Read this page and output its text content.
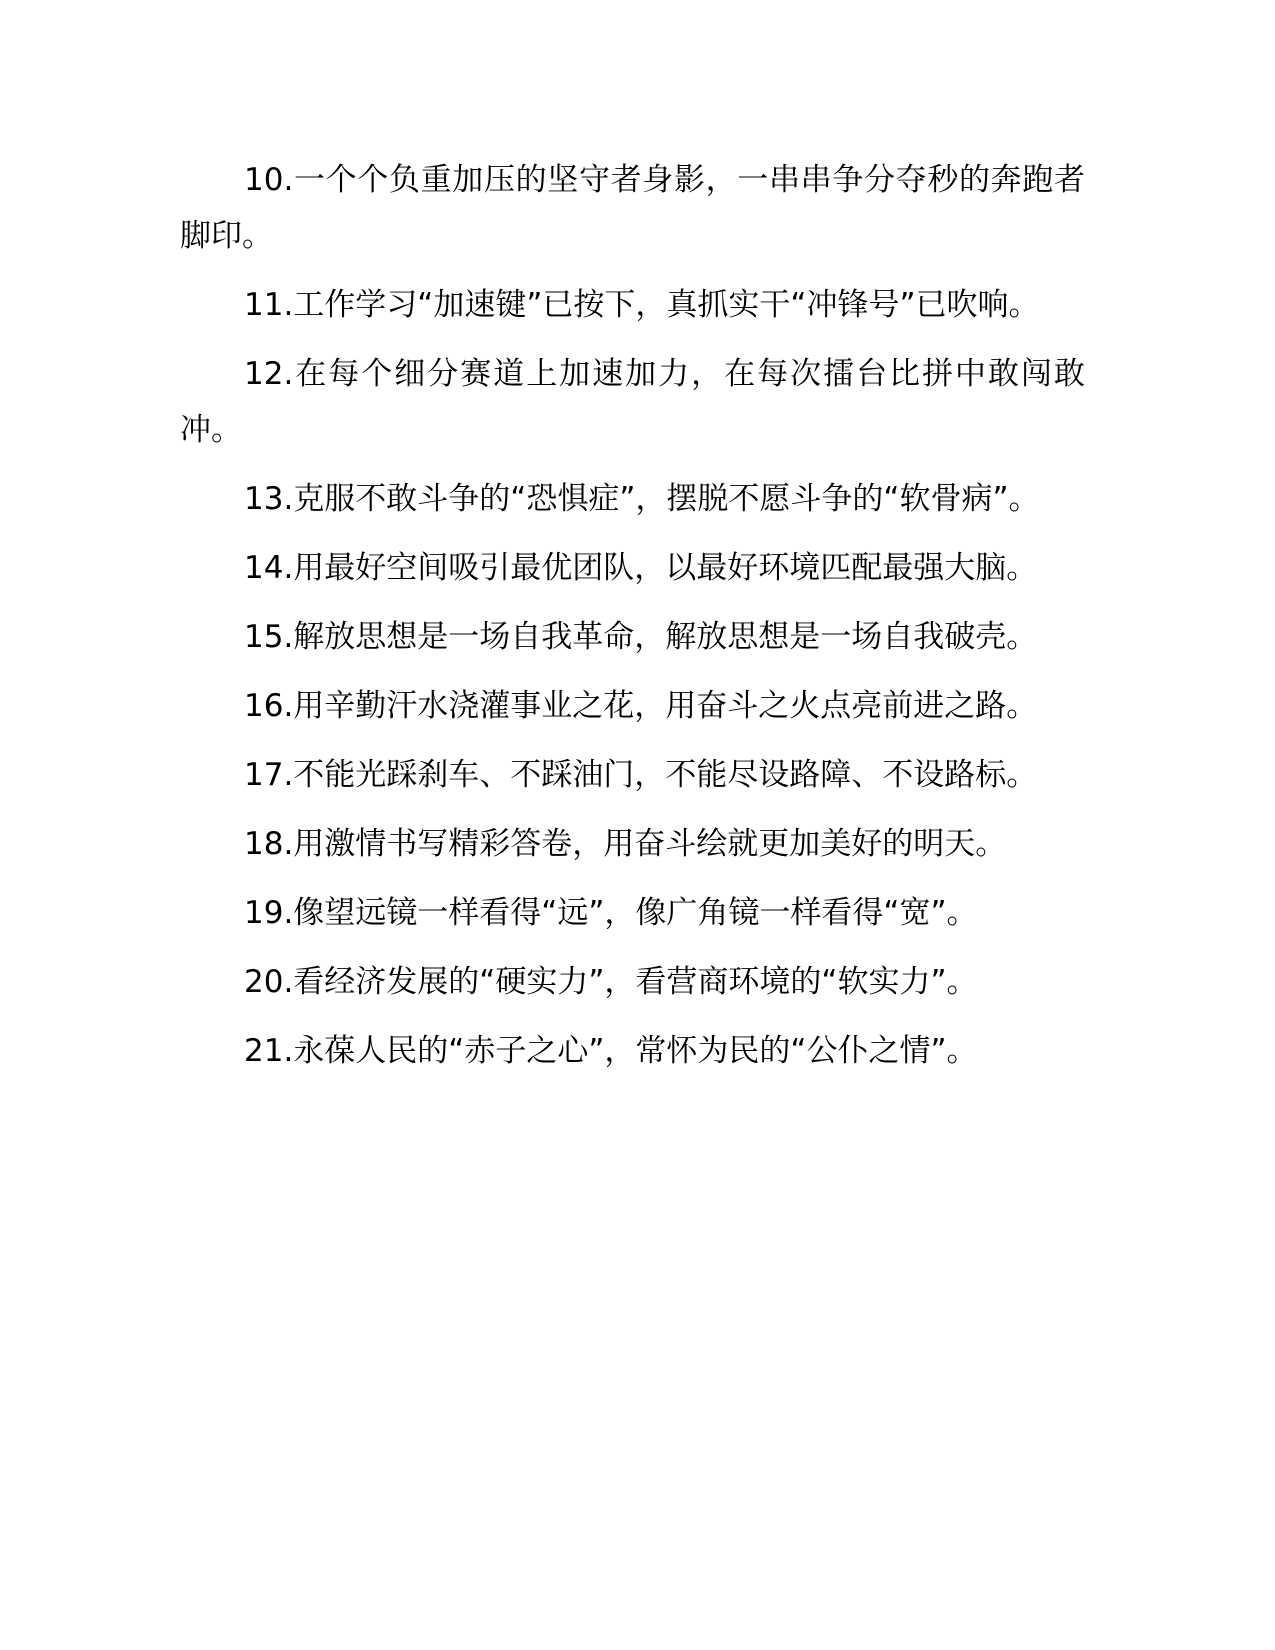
10.一个个负重加压的坚守者身影，一串串争分夺秒的奔跑者脚印。

11.工作学习“加速键”已按下，真抓实干“冲锋号”已吹响。

12.在每个细分赛道上加速加力，在每次擂台比拼中敢闯敢冲。

13.克服不敢斗争的“恐惧症”，摆脱不愿斗争的“软骨病”。

14.用最好空间吸引最优团队，以最好环境匹配最强大脑。

15.解放思想是一场自我革命，解放思想是一场自我破壳。

16.用辛勤汗水浇灌事业之花，用奋斗之火点亮前进之路。

17.不能光踩刹车、不踩油门，不能尽设路障、不设路标。

18.用激情书写精彩答卷，用奋斗绘就更加美好的明天。

19.像望远镜一样看得“远”，像广角镜一样看得“宽”。

20.看经济发展的“硬实力”，看营商环境的“软实力”。

21.永葆人民的“赤子之心”，常怀为民的“公仆之情”。
